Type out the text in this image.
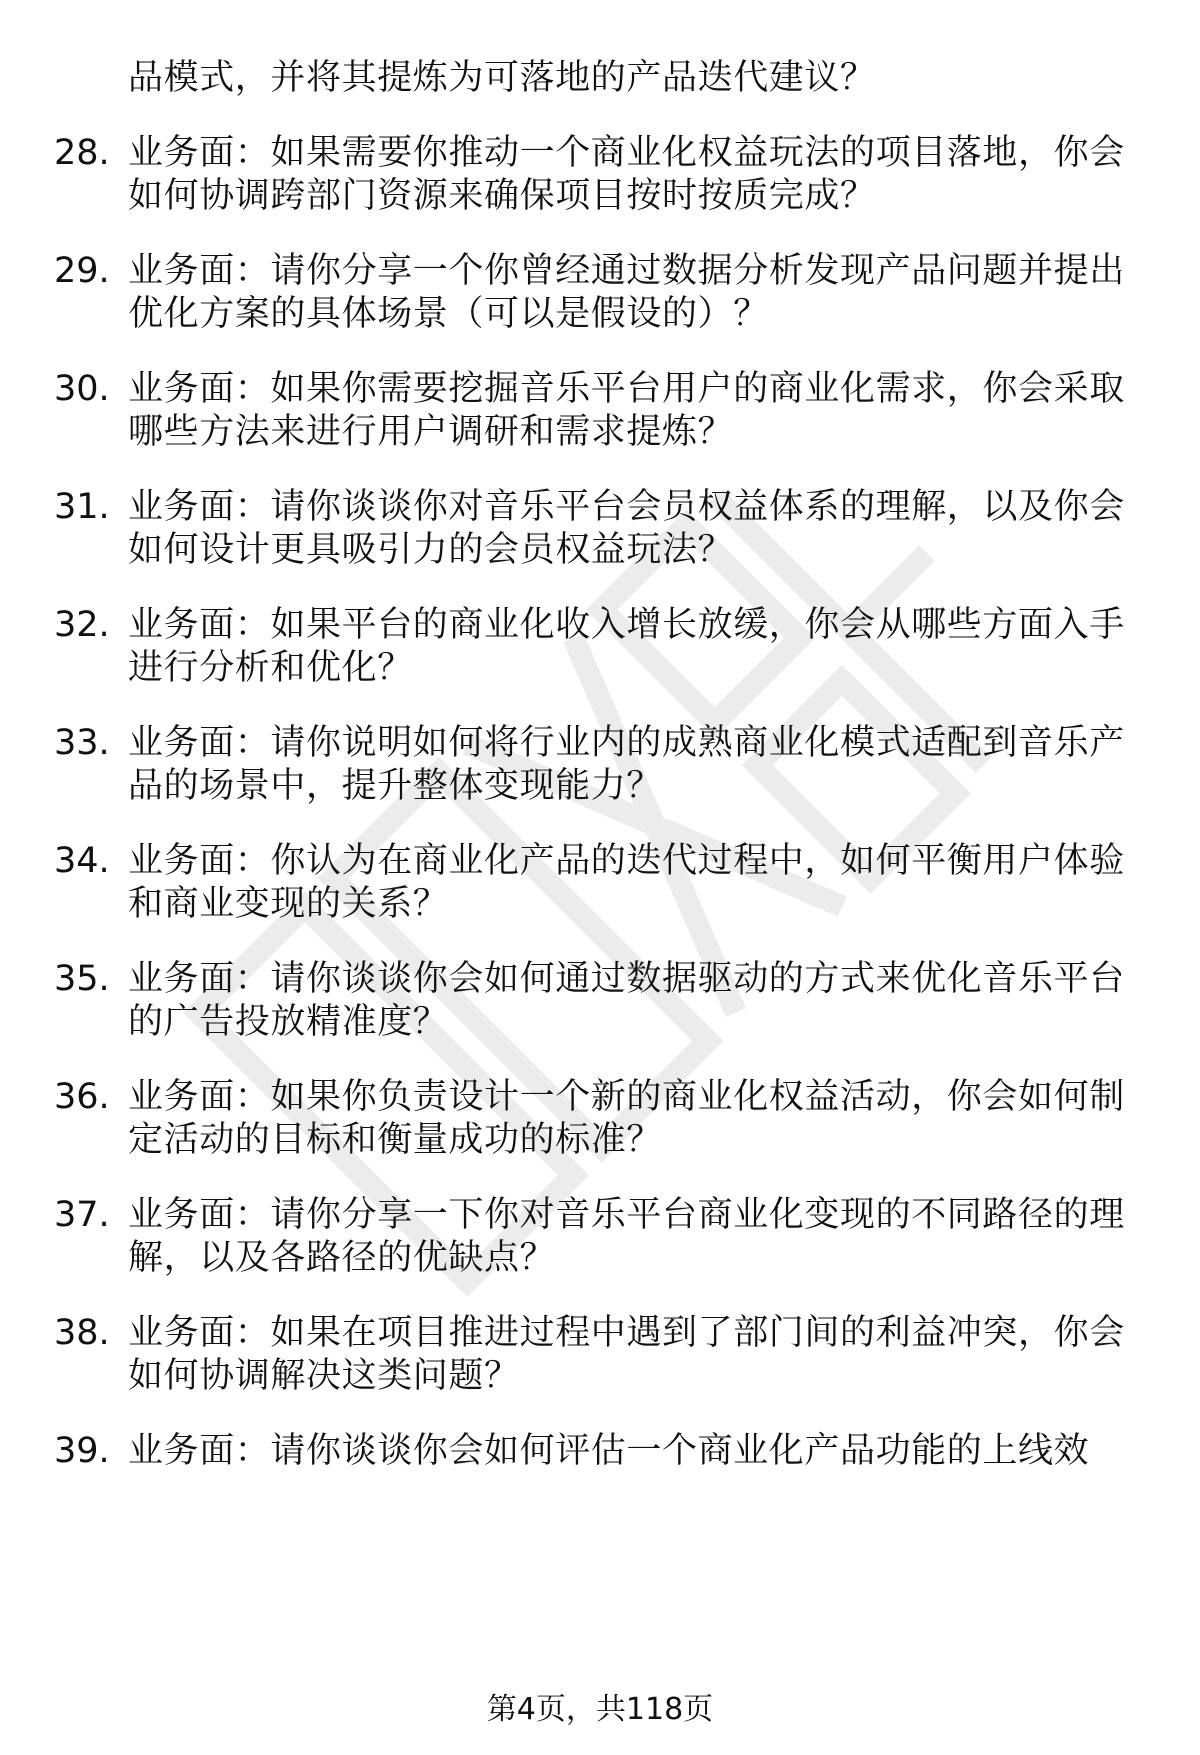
品模式，并将其提炼为可落地的产品迭代建议？
28. 业务面：如果需要你推动一个商业化权益玩法的项目落地，你会
如何协调跨部门资源来确保项目按时按质完成？
29. 业务面：请你分享一个你曾经通过数据分析发现产品问题并提出
优化方案的具体场景（可以是假设的）？
30. 业务面：如果你需要挖掘音乐平台用户的商业化需求，你会采取
哪些方法来进行用户调研和需求提炼？
31. 业务面：请你谈谈你对音乐平台会员权益体系的理解，以及你会
如何设计更具吸引力的会员权益玩法？
32. 业务面：如果平台的商业化收入增长放缓，你会从哪些方面入手
进行分析和优化？
33. 业务面：请你说明如何将行业内的成熟商业化模式适配到音乐产
品的场景中，提升整体变现能力？
34. 业务面：你认为在商业化产品的迭代过程中，如何平衡用户体验
和商业变现的关系？
35. 业务面：请你谈谈你会如何通过数据驱动的方式来优化音乐平台
的广告投放精准度？
36. 业务面：如果你负责设计一个新的商业化权益活动，你会如何制
定活动的目标和衡量成功的标准？
37. 业务面：请你分享一下你对音乐平台商业化变现的不同路径的理
解，以及各路径的优缺点？
38. 业务面：如果在项目推进过程中遇到了部门间的利益冲突，你会
如何协调解决这类问题？
39. 业务面：请你谈谈你会如何评估一个商业化产品功能的上线效
第4页，共118页
